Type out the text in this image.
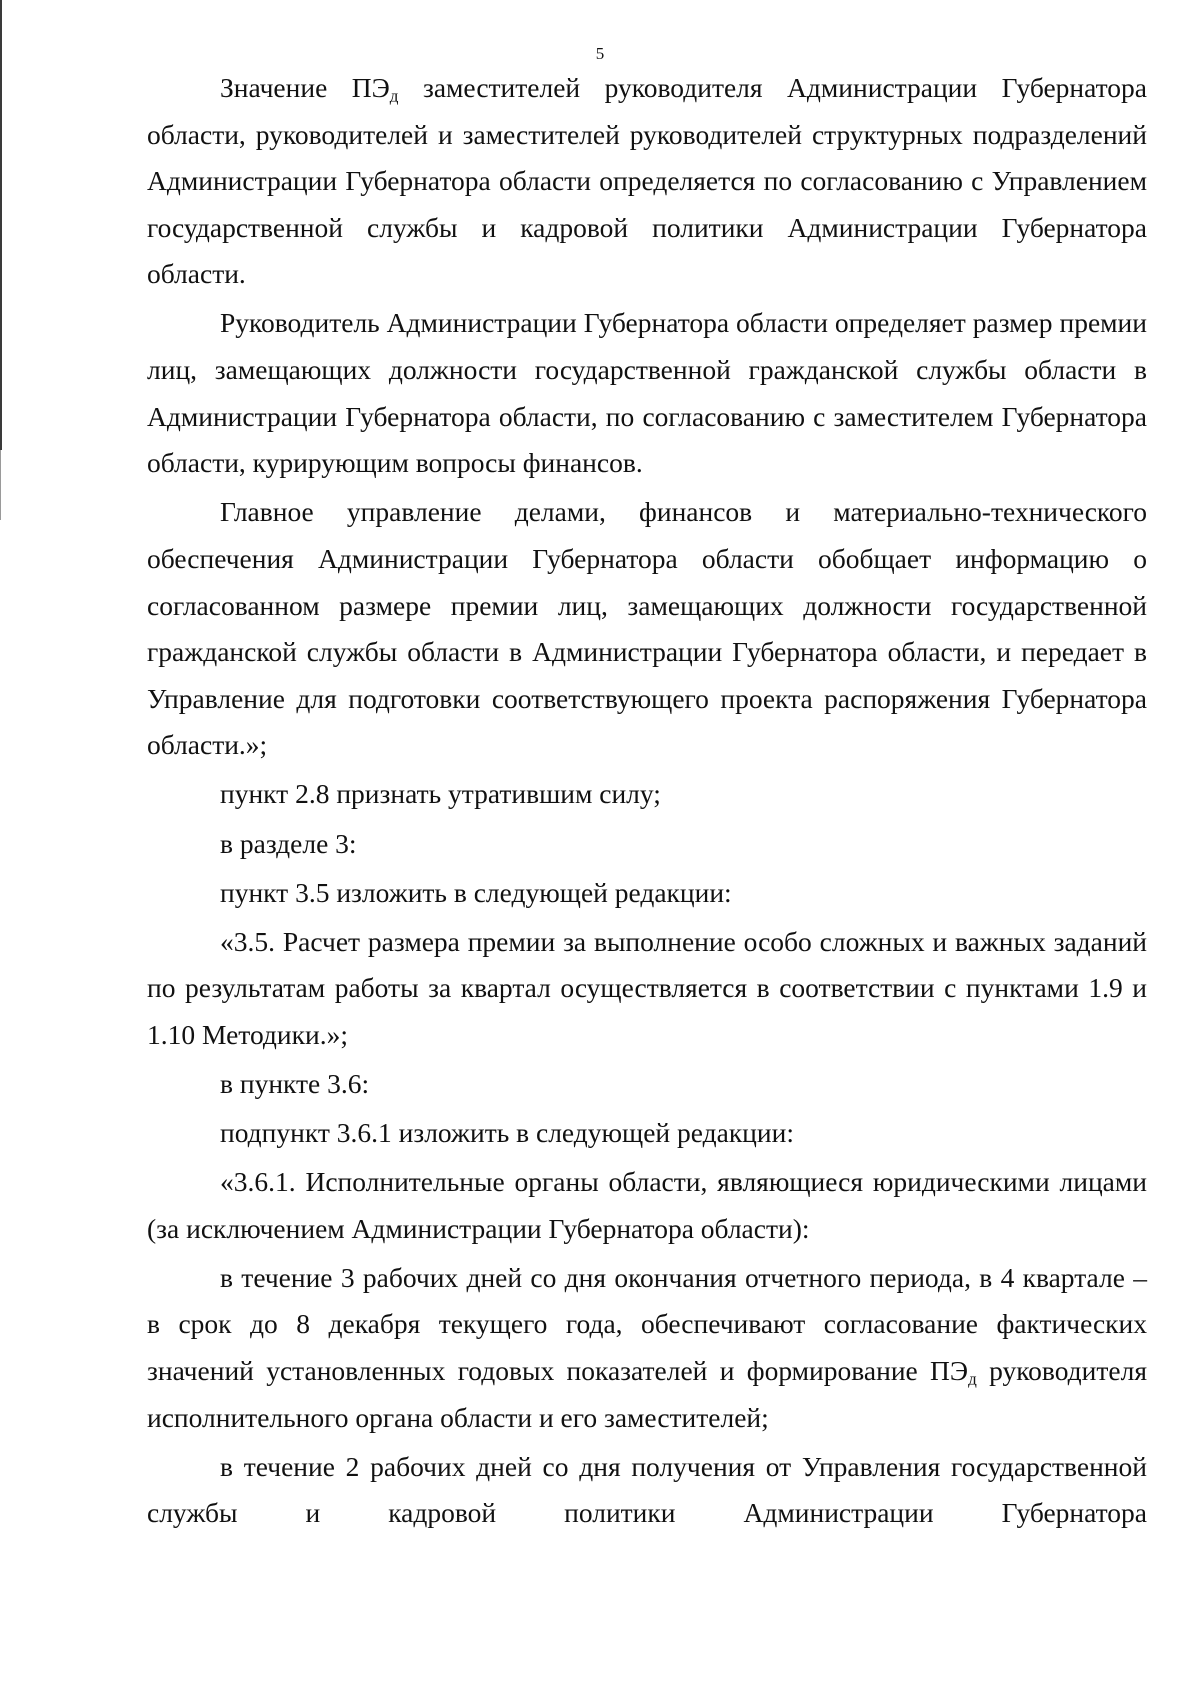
5

Значение $ПЭ_д$ заместителей руководителя Администрации Губернатора области, руководителей и заместителей руководителей структурных подразделений Администрации Губернатора области определяется по согласованию с Управлением государственной службы и кадровой политики Администрации Губернатора области.

Руководитель Администрации Губернатора области определяет размер премии лиц, замещающих должности государственной гражданской службы области в Администрации Губернатора области, по согласованию с заместителем Губернатора области, курирующим вопросы финансов.

Главное управление делами, финансов и материально-технического обеспечения Администрации Губернатора области обобщает информацию о согласованном размере премии лиц, замещающих должности государственной гражданской службы области в Администрации Губернатора области, и передает в Управление для подготовки соответствующего проекта распоряжения Губернатора области.»;

пункт 2.8 признать утратившим силу;

в разделе 3:

пункт 3.5 изложить в следующей редакции:

«3.5. Расчет размера премии за выполнение особо сложных и важных заданий по результатам работы за квартал осуществляется в соответствии с пунктами 1.9 и 1.10 Методики.»;

в пункте 3.6:

подпункт 3.6.1 изложить в следующей редакции:

«3.6.1. Исполнительные органы области, являющиеся юридическими лицами (за исключением Администрации Губернатора области):

в течение 3 рабочих дней со дня окончания отчетного периода, в 4 квартале – в срок до 8 декабря текущего года, обеспечивают согласование фактических значений установленных годовых показателей и формирование $ПЭ_д$ руководителя исполнительного органа области и его заместителей;

в течение 2 рабочих дней со дня получения от Управления государственной службы и кадровой политики Администрации Губернатора
